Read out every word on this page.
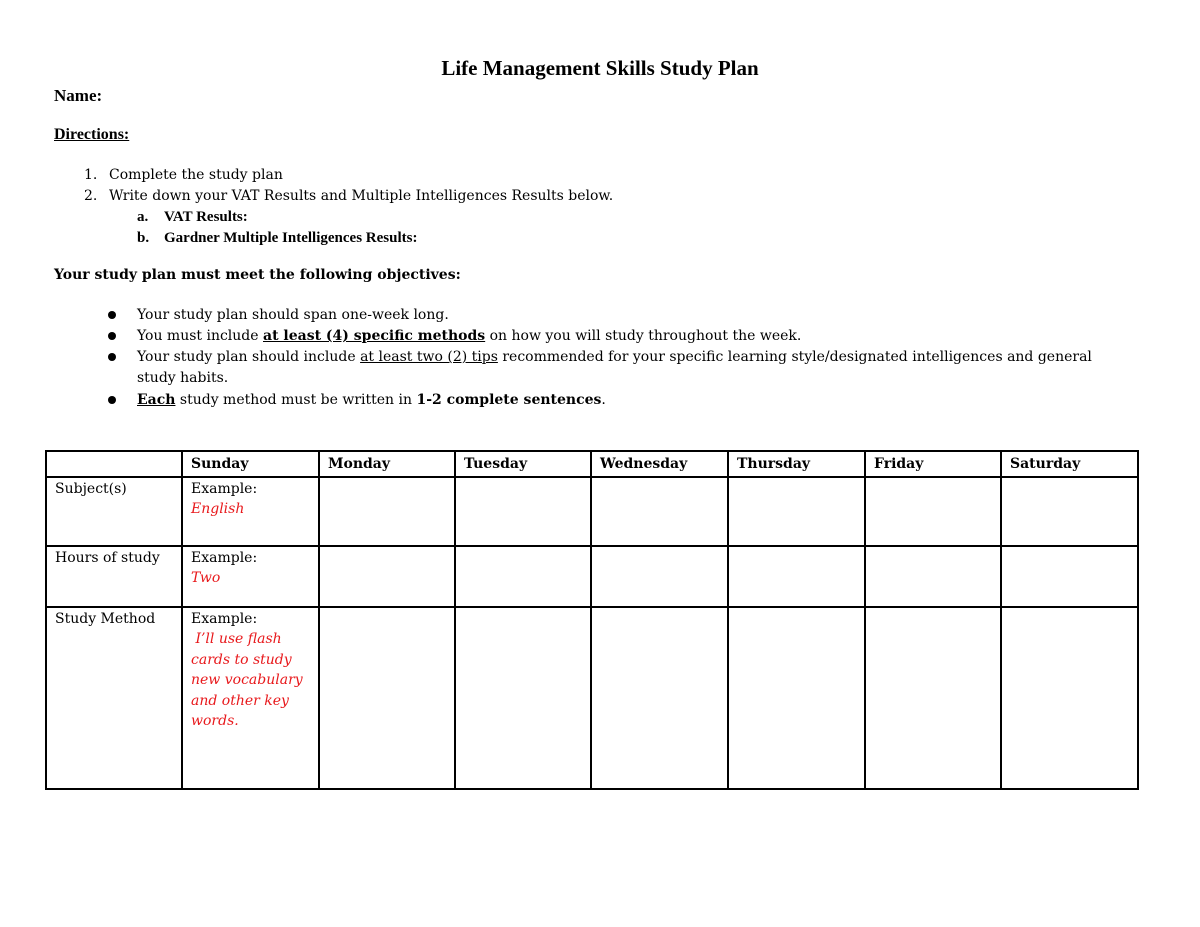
Life Management Skills Study Plan
Name:
Directions:
1. Complete the study plan
2. Write down your VAT Results and Multiple Intelligences Results below.
a. VAT Results:
b. Gardner Multiple Intelligences Results:
Your study plan must meet the following objectives:
Your study plan should span one-week long.
You must include at least (4) specific methods on how you will study throughout the week.
Your study plan should include at least two (2) tips recommended for your specific learning style/designated intelligences and general study habits.
Each study method must be written in 1-2 complete sentences.
	Sunday	Monday	Tuesday	Wednesday	Thursday	Friday	Saturday
Subject(s)	Example:
English						

Hours of study	Example:
Two						

Study Method	Example:
I’ll use flash cards to study new vocabulary and other key words.						
